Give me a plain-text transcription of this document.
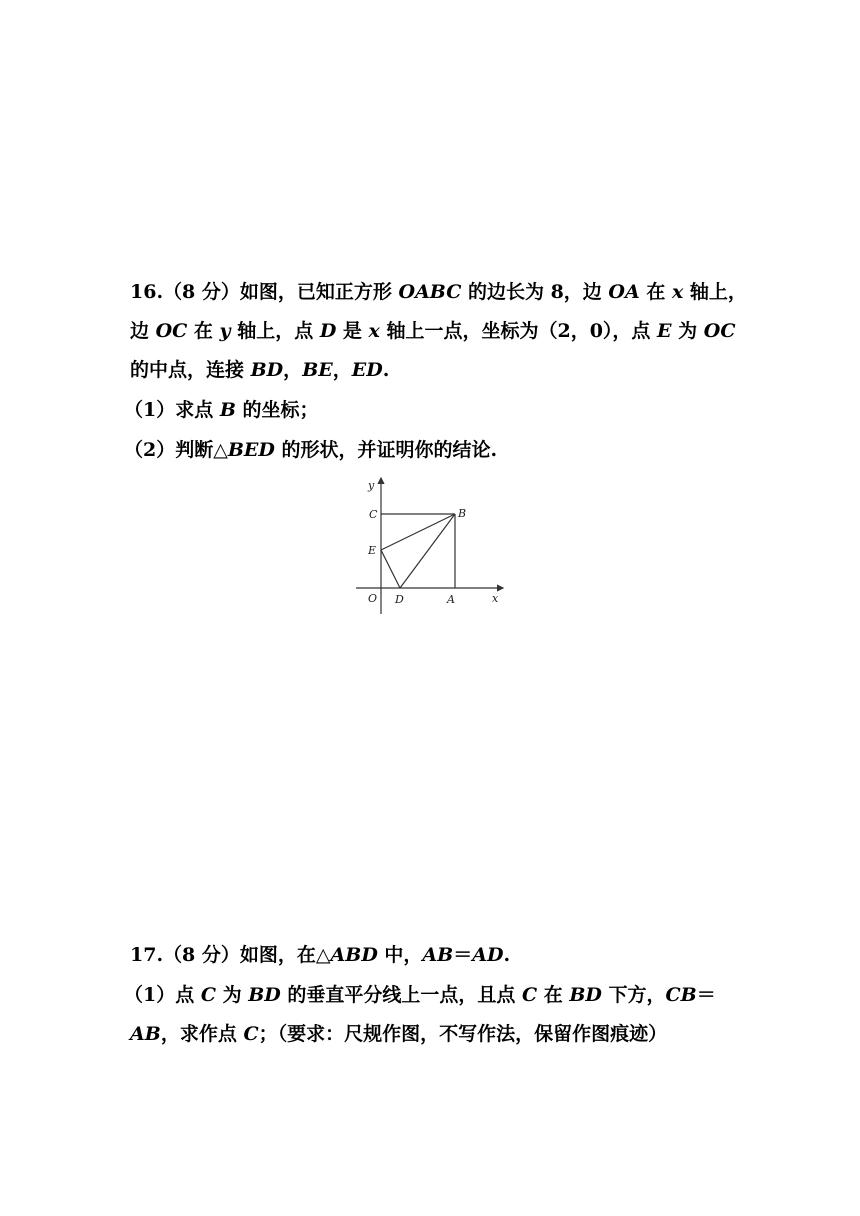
16.（8 分）如图，已知正方形 OABC 的边长为 8，边 OA 在 x 轴上，
边 OC 在 y 轴上，点 D 是 x 轴上一点，坐标为（2，0），点 E 为 OC
的中点，连接 BD，BE，ED.
（1）求点 B 的坐标；
（2）判断△BED 的形状，并证明你的结论.
y
C	B
E
O D	A	x
17.（8 分）如图，在△ABD 中，AB＝AD.
（1）点 C 为 BD 的垂直平分线上一点，且点 C 在 BD 下方，CB＝
AB，求作点 C；（要求：尺规作图，不写作法，保留作图痕迹）
